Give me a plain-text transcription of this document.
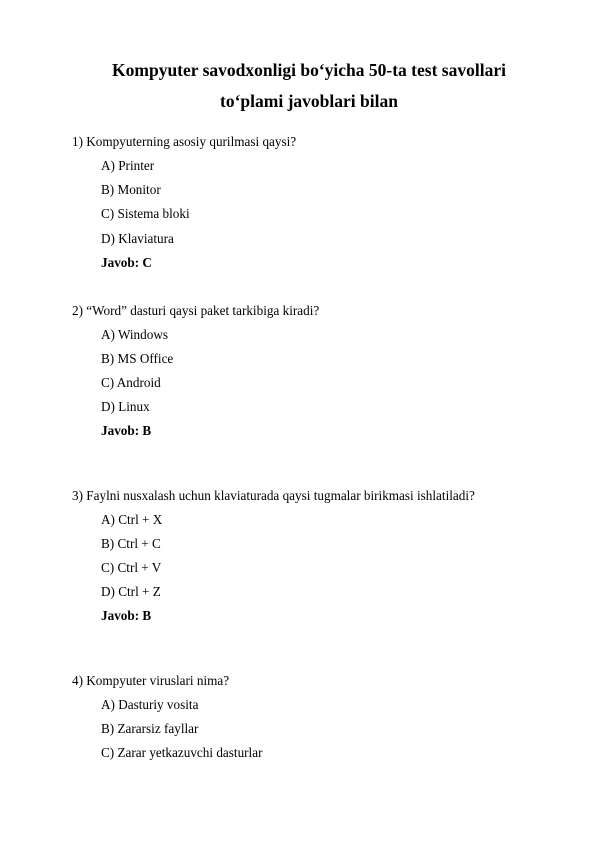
Kompyuter savodxonligi bo‘yicha 50-ta test savollari
to‘plami javoblari bilan

1) Kompyuterning asosiy qurilmasi qaysi?

A) Printer

B) Monitor

C) Sistema bloki

D) Klaviatura

Javob: C

2) “Word” dasturi qaysi paket tarkibiga kiradi?

A) Windows

B) MS Office

C) Android

D) Linux

Javob: B

3) Faylni nusxalash uchun klaviaturada qaysi tugmalar birikmasi ishlatiladi?

A) Ctrl + X

B) Ctrl + C

C) Ctrl + V

D) Ctrl + Z

Javob: B

4) Kompyuter viruslari nima?

A) Dasturiy vosita

B) Zararsiz fayllar

C) Zarar yetkazuvchi dasturlar
